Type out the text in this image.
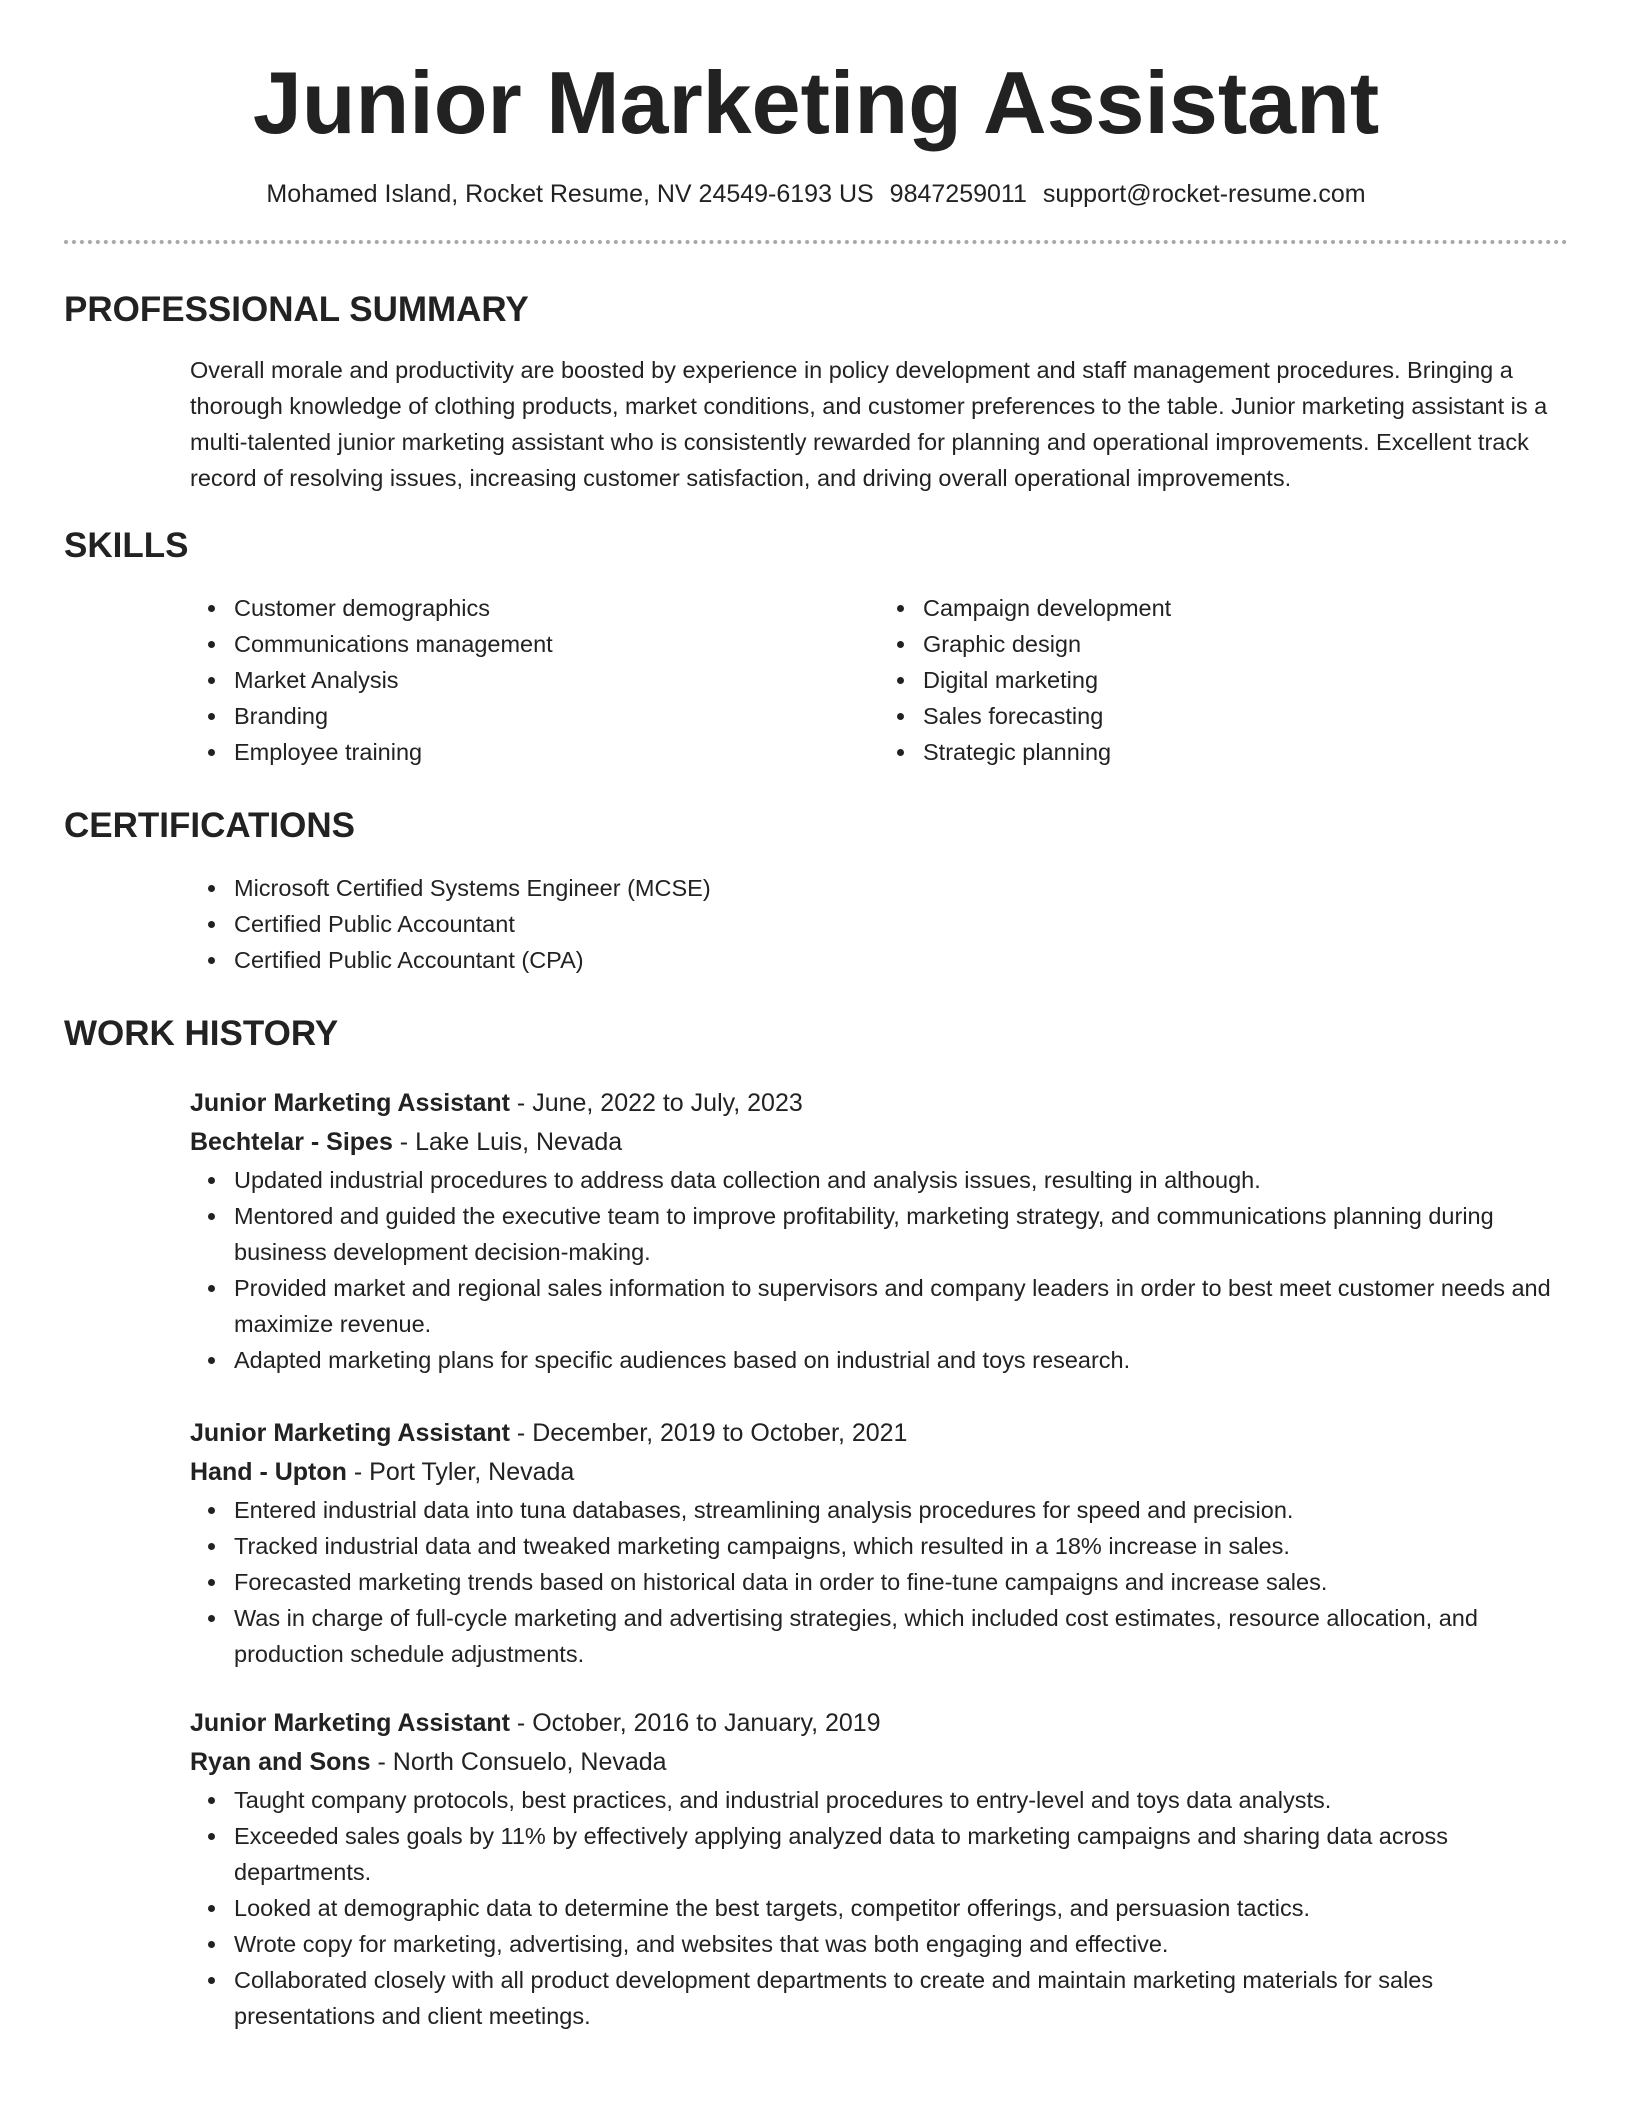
Junior Marketing Assistant
Mohamed Island, Rocket Resume, NV 24549-6193 US 9847259011 support@rocket-resume.com
PROFESSIONAL SUMMARY

Overall morale and productivity are boosted by experience in policy development and staff management procedures. Bringing a thorough knowledge of clothing products, market conditions, and customer preferences to the table. Junior marketing assistant is a multi-talented junior marketing assistant who is consistently rewarded for planning and operational improvements. Excellent track record of resolving issues, increasing customer satisfaction, and driving overall operational improvements.

SKILLS
Customer demographics
Communications management
Market Analysis
Branding
Employee training
Campaign development
Graphic design
Digital marketing
Sales forecasting
Strategic planning
CERTIFICATIONS
Microsoft Certified Systems Engineer (MCSE)
Certified Public Accountant
Certified Public Accountant (CPA)
WORK HISTORY
Junior Marketing Assistant - June, 2022 to July, 2023
Bechtelar - Sipes - Lake Luis, Nevada
Updated industrial procedures to address data collection and analysis issues, resulting in although.
Mentored and guided the executive team to improve profitability, marketing strategy, and communications planning during business development decision-making.
Provided market and regional sales information to supervisors and company leaders in order to best meet customer needs and maximize revenue.
Adapted marketing plans for specific audiences based on industrial and toys research.
Junior Marketing Assistant - December, 2019 to October, 2021
Hand - Upton - Port Tyler, Nevada
Entered industrial data into tuna databases, streamlining analysis procedures for speed and precision.
Tracked industrial data and tweaked marketing campaigns, which resulted in a 18% increase in sales.
Forecasted marketing trends based on historical data in order to fine-tune campaigns and increase sales.
Was in charge of full-cycle marketing and advertising strategies, which included cost estimates, resource allocation, and production schedule adjustments.
Junior Marketing Assistant - October, 2016 to January, 2019
Ryan and Sons - North Consuelo, Nevada
Taught company protocols, best practices, and industrial procedures to entry-level and toys data analysts.
Exceeded sales goals by 11% by effectively applying analyzed data to marketing campaigns and sharing data across departments.
Looked at demographic data to determine the best targets, competitor offerings, and persuasion tactics.
Wrote copy for marketing, advertising, and websites that was both engaging and effective.
Collaborated closely with all product development departments to create and maintain marketing materials for sales presentations and client meetings.
